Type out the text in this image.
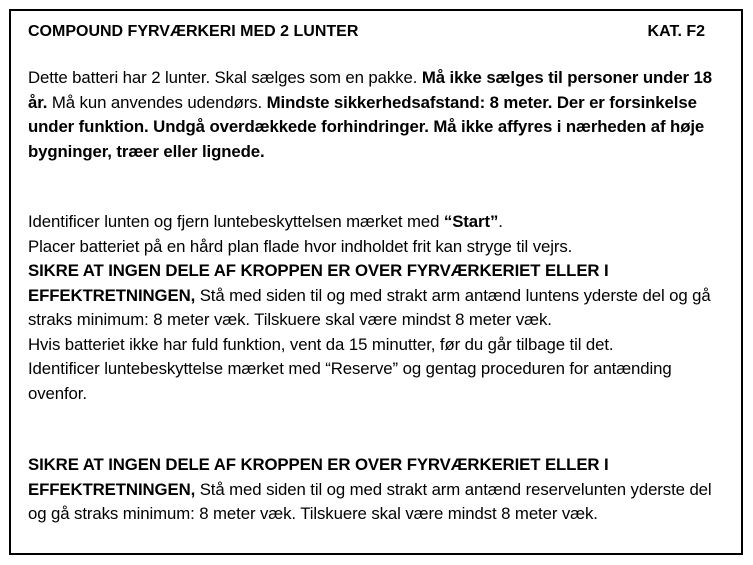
COMPOUND FYRVÆRKERI MED 2 LUNTER	KAT. F2

Dette batteri har 2 lunter. Skal sælges som en pakke. Må ikke sælges til personer under 18 år. Må kun anvendes udendørs. Mindste sikkerhedsafstand: 8 meter. Der er forsinkelse under funktion. Undgå overdækkede forhindringer. Må ikke affyres i nærheden af høje bygninger, træer eller lignede.

Identificer lunten og fjern luntebeskyttelsen mærket med “Start”.

Placer batteriet på en hård plan flade hvor indholdet frit kan stryge til vejrs.

SIKRE AT INGEN DELE AF KROPPEN ER OVER FYRVÆRKERIET ELLER I EFFEKTRETNINGEN, Stå med siden til og med strakt arm antænd luntens yderste del og gå straks minimum: 8 meter væk. Tilskuere skal være mindst 8 meter væk.

Hvis batteriet ikke har fuld funktion, vent da 15 minutter, før du går tilbage til det.

Identificer luntebeskyttelse mærket med “Reserve” og gentag proceduren for antænding ovenfor.

SIKRE AT INGEN DELE AF KROPPEN ER OVER FYRVÆRKERIET ELLER I EFFEKTRETNINGEN, Stå med siden til og med strakt arm antænd reservelunten yderste del og gå straks minimum: 8 meter væk. Tilskuere skal være mindst 8 meter væk.
